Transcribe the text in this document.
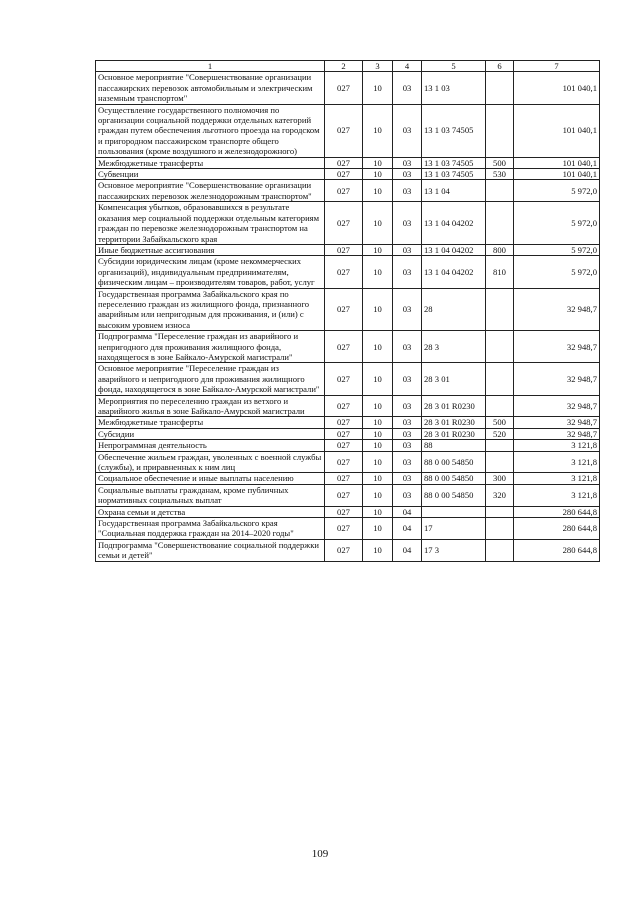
1	2	3	4	5	6	7
Основное мероприятие "Совершенствование организации пассажирских перевозок автомобильным и электрическим наземным транспортом"	027	10	03	13 1 03		101 040,1
Осуществление государственного полномочия по организации социальной поддержки отдельных категорий граждан путем обеспечения льготного проезда на городском и пригородном пассажирском транспорте общего пользования (кроме воздушного и железнодорожного)	027	10	03	13 1 03 74505		101 040,1
Межбюджетные трансферты	027	10	03	13 1 03 74505	500	101 040,1
Субвенции	027	10	03	13 1 03 74505	530	101 040,1
Основное мероприятие "Совершенствование организации пассажирских перевозок железнодорожным транспортом"	027	10	03	13 1 04		5 972,0
Компенсация убытков, образовавшихся в результате оказания мер социальной поддержки отдельным категориям граждан по перевозке железнодорожным транспортом на территории Забайкальского края	027	10	03	13 1 04 04202		5 972,0
Иные бюджетные ассигнования	027	10	03	13 1 04 04202	800	5 972,0
Субсидии юридическим лицам (кроме некоммерческих организаций), индивидуальным предпринимателям, физическим лицам – производителям товаров, работ, услуг	027	10	03	13 1 04 04202	810	5 972,0
Государственная программа Забайкальского края по переселению граждан из жилищного фонда, признанного аварийным или непригодным для проживания, и (или) с высоким уровнем износа	027	10	03	28		32 948,7
Подпрограмма "Переселение граждан из аварийного и непригодного для проживания жилищного фонда, находящегося в зоне Байкало-Амурской магистрали"	027	10	03	28 3		32 948,7
Основное мероприятие "Переселение граждан из аварийного и непригодного для проживания жилищного фонда, находящегося в зоне Байкало-Амурской магистрали"	027	10	03	28 3 01		32 948,7
Мероприятия по переселению граждан из ветхого и аварийного жилья в зоне Байкало-Амурской магистрали	027	10	03	28 3 01 R0230		32 948,7
Межбюджетные трансферты	027	10	03	28 3 01 R0230	500	32 948,7
Субсидии	027	10	03	28 3 01 R0230	520	32 948,7
Непрограммная деятельность	027	10	03	88		3 121,8
Обеспечение жильем граждан, уволенных с военной службы (службы), и приравненных к ним лиц	027	10	03	88 0 00 54850		3 121,8
Социальное обеспечение и иные выплаты населению	027	10	03	88 0 00 54850	300	3 121,8
Социальные выплаты гражданам, кроме публичных нормативных социальных выплат	027	10	03	88 0 00 54850	320	3 121,8
Охрана семьи и детства	027	10	04			280 644,8
Государственная программа Забайкальского края "Социальная поддержка граждан на 2014–2020 годы"	027	10	04	17		280 644,8
Подпрограмма "Совершенствование социальной поддержки семьи и детей"	027	10	04	17 3		280 644,8
109
